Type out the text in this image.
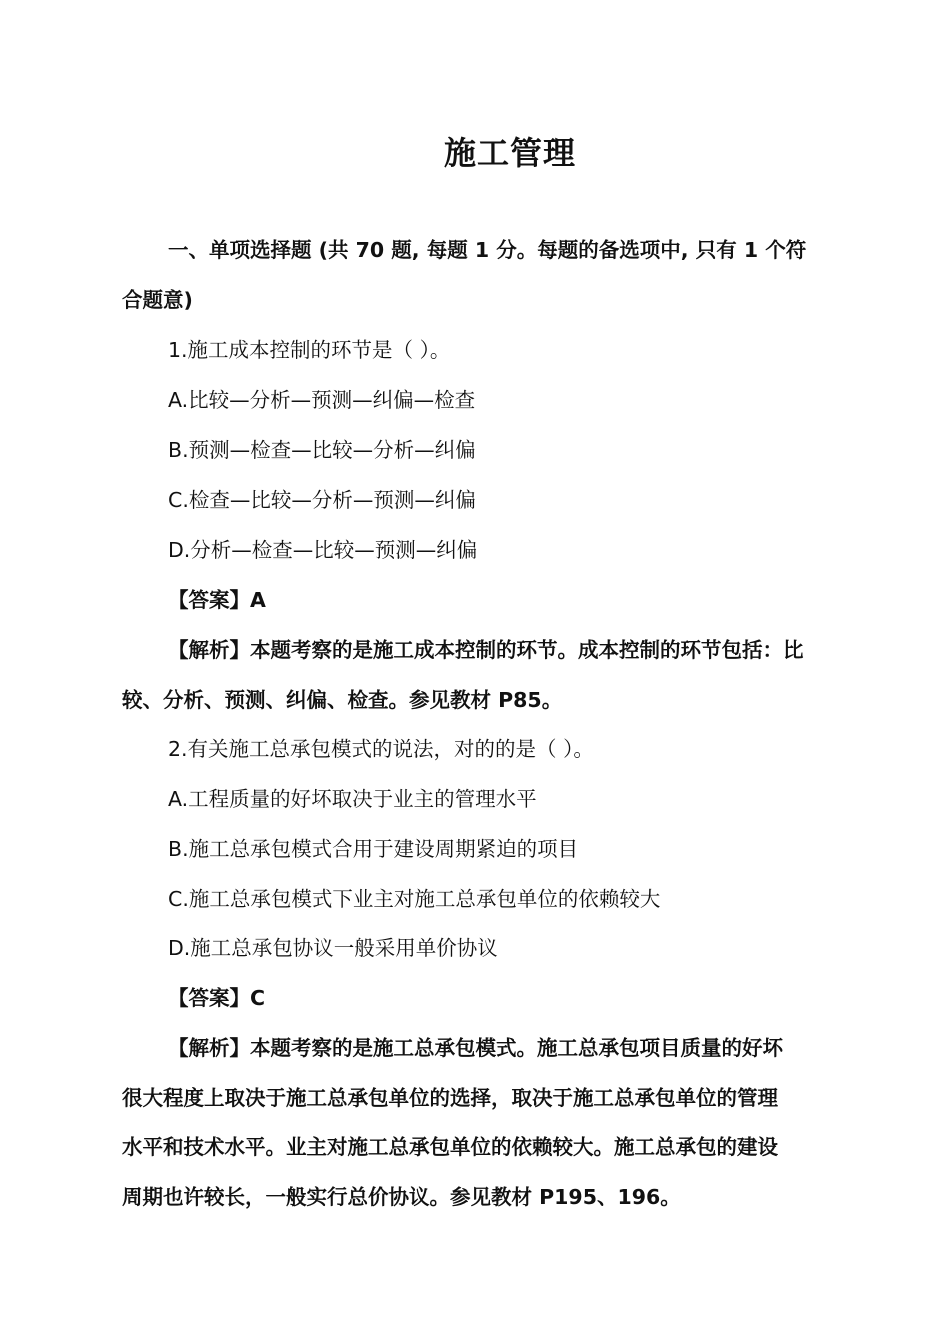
施工管理
一、单项选择题 (共 70 题, 每题 1 分。每题的备选项中, 只有 1 个符
合题意)
1.施工成本控制的环节是（ ）。
A.比较—分析—预测—纠偏—检查
B.预测—检查—比较—分析—纠偏
C.检查—比较—分析—预测—纠偏
D.分析—检查—比较—预测—纠偏
【答案】A
【解析】本题考察的是施工成本控制的环节。成本控制的环节包括：比
较、分析、预测、纠偏、检查。参见教材 P85。
2.有关施工总承包模式的说法，对的的是（ ）。
A.工程质量的好坏取决于业主的管理水平
B.施工总承包模式合用于建设周期紧迫的项目
C.施工总承包模式下业主对施工总承包单位的依赖较大
D.施工总承包协议一般采用单价协议
【答案】C
【解析】本题考察的是施工总承包模式。施工总承包项目质量的好坏
很大程度上取决于施工总承包单位的选择，取决于施工总承包单位的管理
水平和技术水平。业主对施工总承包单位的依赖较大。施工总承包的建设
周期也许较长，一般实行总价协议。参见教材 P195、196。
